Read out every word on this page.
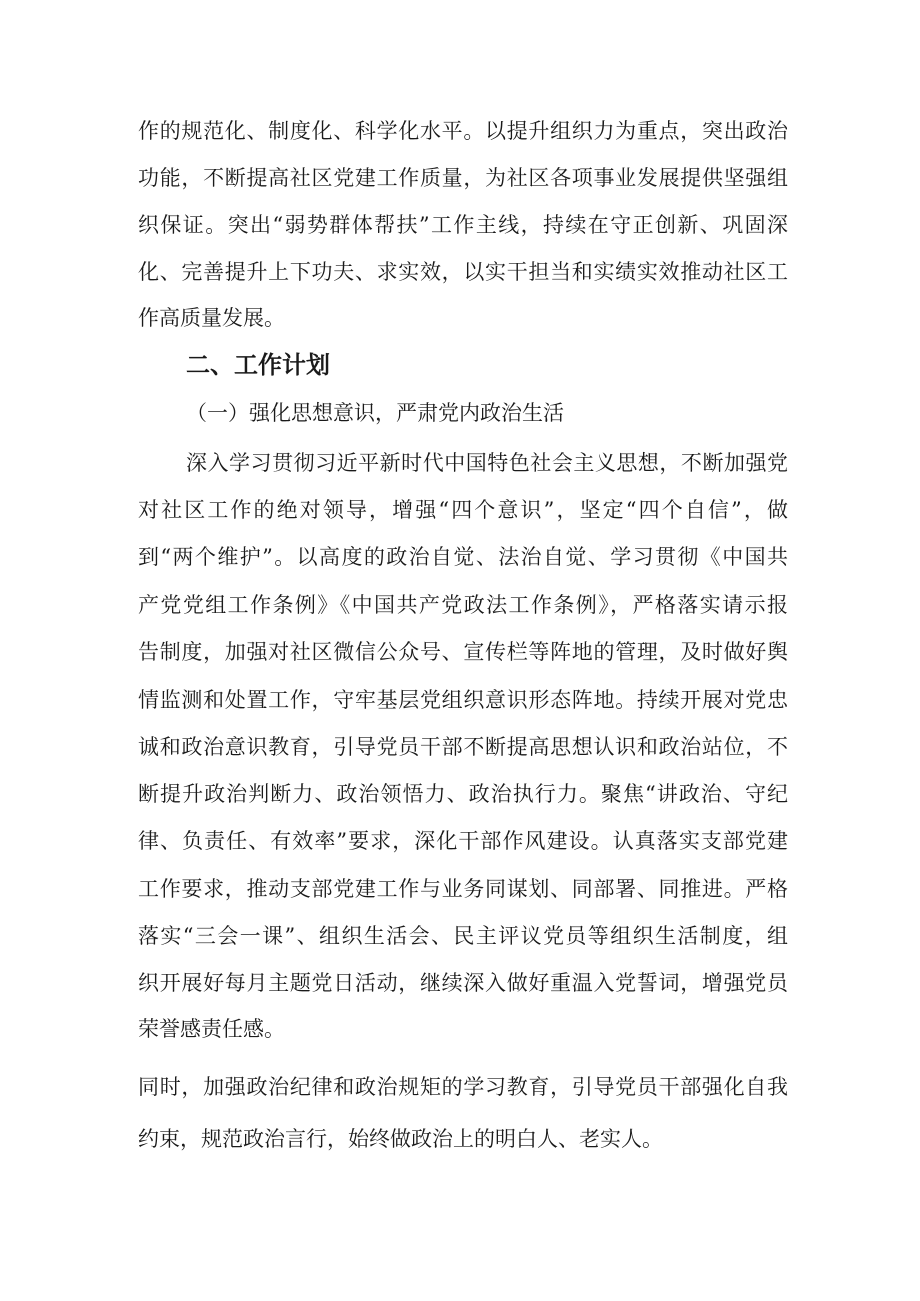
作的规范化、制度化、科学化水平。以提升组织力为重点，突出政治
功能，不断提高社区党建工作质量，为社区各项事业发展提供坚强组
织保证。突出“弱势群体帮扶”工作主线，持续在守正创新、巩固深
化、完善提升上下功夫、求实效，以实干担当和实绩实效推动社区工
作高质量发展。
二、工作计划
（一）强化思想意识，严肃党内政治生活
深入学习贯彻习近平新时代中国特色社会主义思想，不断加强党
对社区工作的绝对领导，增强“四个意识”，坚定“四个自信”，做
到“两个维护”。以高度的政治自觉、法治自觉、学习贯彻《中国共
产党党组工作条例》《中国共产党政法工作条例》，严格落实请示报
告制度，加强对社区微信公众号、宣传栏等阵地的管理，及时做好舆
情监测和处置工作，守牢基层党组织意识形态阵地。持续开展对党忠
诚和政治意识教育，引导党员干部不断提高思想认识和政治站位，不
断提升政治判断力、政治领悟力、政治执行力。聚焦“讲政治、守纪
律、负责任、有效率”要求，深化干部作风建设。认真落实支部党建
工作要求，推动支部党建工作与业务同谋划、同部署、同推进。严格
落实“三会一课”、组织生活会、民主评议党员等组织生活制度，组
织开展好每月主题党日活动，继续深入做好重温入党誓词，增强党员
荣誉感责任感。
同时，加强政治纪律和政治规矩的学习教育，引导党员干部强化自我
约束，规范政治言行，始终做政治上的明白人、老实人。
